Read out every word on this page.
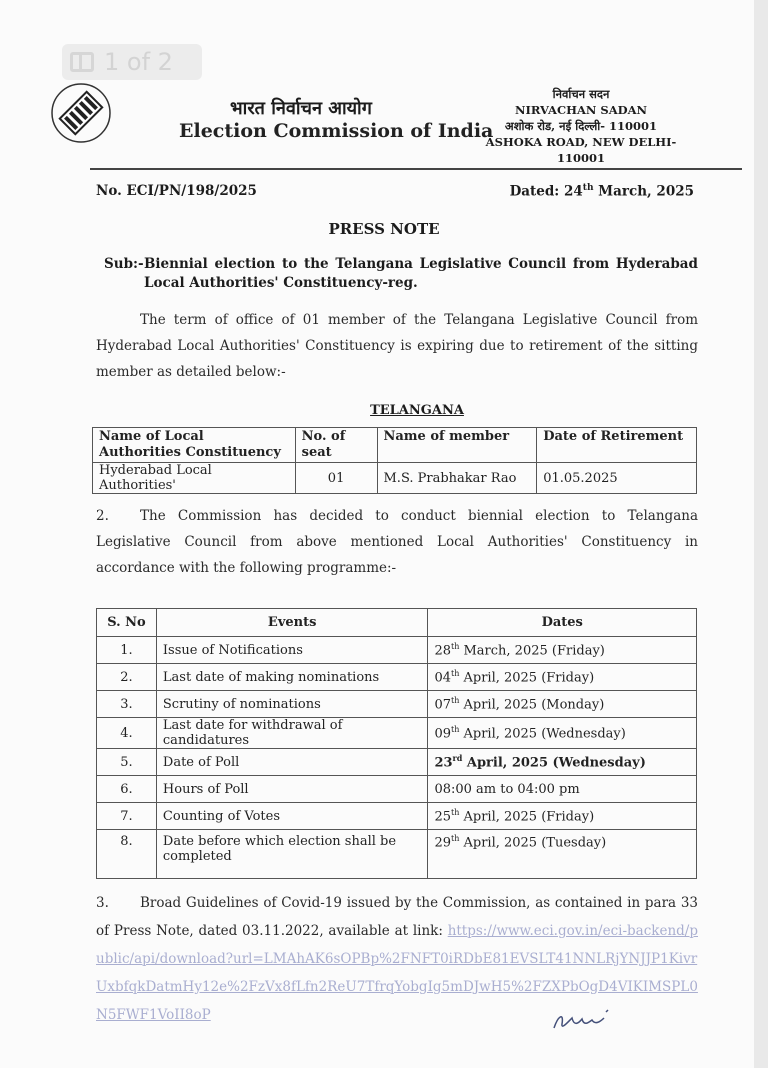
1 of 2
भारत निर्वाचन आयोग
Election Commission of India
निर्वाचन सदन
NIRVACHAN SADAN
अशोक रोड, नई दिल्ली- 110001
ASHOKA ROAD, NEW DELHI-110001
No. ECI/PN/198/2025	Dated: 24th March, 2025
PRESS NOTE
Sub:- Biennial election to the Telangana Legislative Council from Hyderabad Local Authorities' Constituency-reg.
The term of office of 01 member of the Telangana Legislative Council from Hyderabad Local Authorities' Constituency is expiring due to retirement of the sitting member as detailed below:-
TELANGANA
Name of Local Authorities Constituency	No. of seat	Name of member	Date of Retirement
Hyderabad Local Authorities'	01	M.S. Prabhakar Rao	01.05.2025
2. The Commission has decided to conduct biennial election to Telangana Legislative Council from above mentioned Local Authorities' Constituency in accordance with the following programme:-
S. No	Events	Dates
1.	Issue of Notifications	28th March, 2025 (Friday)
2.	Last date of making nominations	04th April, 2025 (Friday)
3.	Scrutiny of nominations	07th April, 2025 (Monday)
4.	Last date for withdrawal of candidatures	09th April, 2025 (Wednesday)
5.	Date of Poll	23rd April, 2025 (Wednesday)
6.	Hours of Poll	08:00 am to 04:00 pm
7.	Counting of Votes	25th April, 2025 (Friday)
8.	Date before which election shall be completed	29th April, 2025 (Tuesday)
3. Broad Guidelines of Covid-19 issued by the Commission, as contained in para 33 of Press Note, dated 03.11.2022, available at link: https://www.eci.gov.in/eci-backend/public/api/download?url=LMAhAK6sOPBp%2FNFT0iRDbE81EVSLT41NNLRjYNJJP1KivrUxbfqkDatmHy12e%2FzVx8fLfn2ReU7TfrqYobgIg5mDJwH5%2FZXPbOgD4VIKIMSPL0N5FWF1VoII8oP
